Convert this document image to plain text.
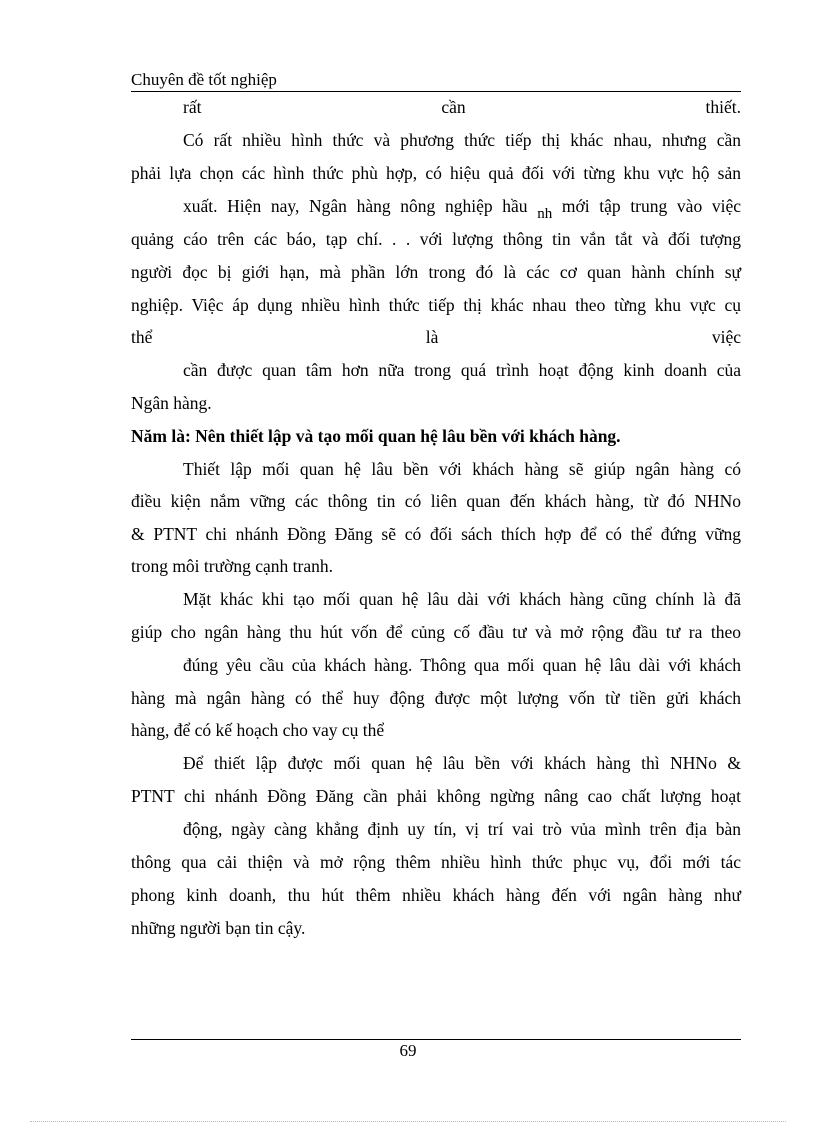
Chuyên đề tốt nghiệp
rất	cần	thiết.
Có rất nhiều hình thức và phương thức tiếp thị khác nhau, nhưng cần
phải lựa chọn các hình thức phù hợp, có hiệu quả đối với từng khu vực hộ sản
xuất. Hiện nay, Ngân hàng nông nghiệp hầu nh mới tập trung vào việc
quảng cáo trên các báo, tạp chí. . . với lượng thông tin vắn tắt và đối tượng
người đọc bị giới hạn, mà phần lớn trong đó là các cơ quan hành chính sự
nghiệp. Việc áp dụng nhiều hình thức tiếp thị khác nhau theo từng khu vực cụ
thể	là	việc
cần được quan tâm hơn nữa trong quá trình hoạt động kinh doanh của
Ngân hàng.
Năm là: Nên thiết lập và tạo mối quan hệ lâu bền với khách hàng.
Thiết lập mối quan hệ lâu bền với khách hàng sẽ giúp ngân hàng có
điều kiện nắm vững các thông tin có liên quan đến khách hàng, từ đó NHNo
& PTNT chi nhánh Đồng Đăng sẽ có đối sách thích hợp để có thể đứng vững
trong môi trường cạnh tranh.
Mặt khác khi tạo mối quan hệ lâu dài với khách hàng cũng chính là đã
giúp cho ngân hàng thu hút vốn để củng cố đầu tư và mở rộng đầu tư ra theo
đúng yêu cầu của khách hàng. Thông qua mối quan hệ lâu dài với khách
hàng mà ngân hàng có thể huy động được một lượng vốn từ tiền gửi khách
hàng, để có kế hoạch cho vay cụ thể
Để thiết lập được mối quan hệ lâu bền với khách hàng thì NHNo &
PTNT chi nhánh Đồng Đăng cần phải không ngừng nâng cao chất lượng hoạt
động, ngày càng khẳng định uy tín, vị trí vai trò vủa mình trên địa bàn
thông qua cải thiện và mở rộng thêm nhiều hình thức phục vụ, đổi mới tác
phong kinh doanh, thu hút thêm nhiều khách hàng đến với ngân hàng như
những người bạn tin cậy.
69
